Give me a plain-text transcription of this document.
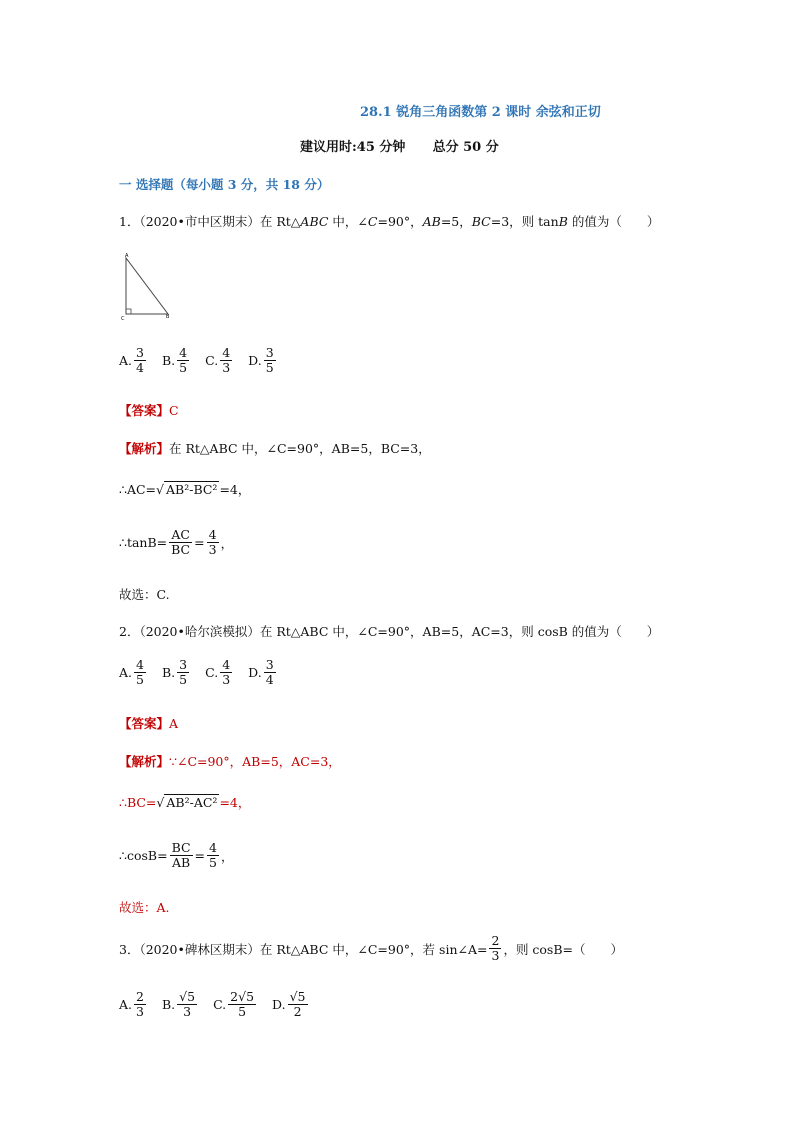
28.1 锐角三角函数第 2 课时 余弦和正切
建议用时:45 分钟      总分 50 分
一 选择题（每小题 3 分，共 18 分）
1．（2020•市中区期末）在 Rt△ABC 中，∠C=90°，AB=5，BC=3，则 tanB 的值为（　　）
A
C	B
A. $\frac{3}{4} B$. $\frac{4}{5} C$. $\frac{4}{3} D$. $\frac{3}{5}$
【答案】C
【解析】在 Rt△ABC 中，∠C=90°，AB=5，BC=3，
∴AC= √ AB²-BC² =4，
∴tanB= $\frac{AC}{BC} = \frac{4}{3}$ ，
故选：C.
2．（2020•哈尔滨模拟）在 Rt△ABC 中，∠C=90°，AB=5，AC=3，则 cosB 的值为（　　）
A. $\frac{4}{5} B$. $\frac{3}{5} C$. $\frac{4}{3} D$. $\frac{3}{4}$
【答案】A
【解析】∵∠C=90°，AB=5，AC=3，
∴BC= √ AB²-AC² =4，
∴cosB= $\frac{BC}{AB} = \frac{4}{5}$ ，
故选：A.
3．（2020•碑林区期末）在 Rt△ABC 中，∠C=90°，若 sin∠A= $\frac{2}{3}$ ，则 cosB=（　　）
A. $\frac{2}{3} B$. $\frac{√5}{3} C$. $\frac{2√5}{5} D$. $\frac{√5}{2}$
